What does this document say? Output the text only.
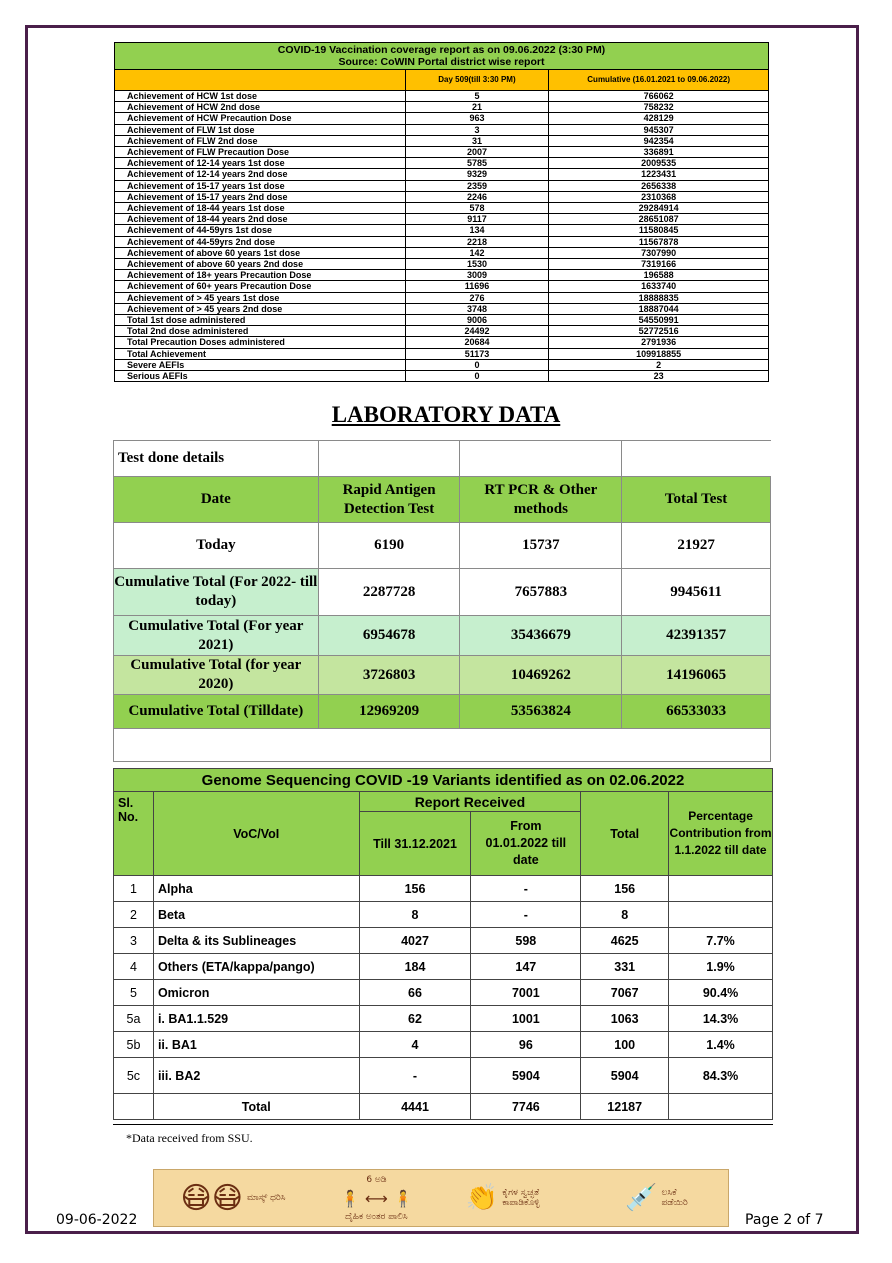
COVID-19 Vaccination coverage report as on 09.06.2022 (3:30 PM)
Source: CoWIN Portal district wise report		

	Day 509(till 3:30 PM)	Cumulative (16.01.2021 to 09.06.2022)
Achievement of HCW 1st dose	5	766062
Achievement of HCW 2nd dose	21	758232
Achievement of HCW Precaution Dose	963	428129
Achievement of FLW 1st dose	3	945307
Achievement of FLW 2nd dose	31	942354
Achievement of FLW Precaution Dose	2007	336891
Achievement of 12-14 years 1st dose	5785	2009535
Achievement of 12-14 years 2nd dose	9329	1223431
Achievement of 15-17 years 1st dose	2359	2656338
Achievement of 15-17 years 2nd dose	2246	2310368
Achievement of 18-44 years 1st dose	578	29284914
Achievement of 18-44 years 2nd dose	9117	28651087
Achievement of 44-59yrs 1st dose	134	11580845
Achievement of 44-59yrs 2nd dose	2218	11567878
Achievement of above 60 years 1st dose	142	7307990
Achievement of above 60 years 2nd dose	1530	7319166
Achievement of 18+ years Precaution Dose	3009	196588
Achievement of 60+ years Precaution Dose	11696	1633740
Achievement of > 45 years 1st dose	276	18888835
Achievement of > 45 years 2nd dose	3748	18887044
Total 1st dose administered	9006	54550991
Total 2nd dose administered	24492	52772516
Total Precaution Doses administered	20684	2791936
Total Achievement	51173	109918855
Severe AEFIs	0	2
Serious AEFIs	0	23
LABORATORY DATA
Test done details			
Date	Rapid Antigen Detection Test	RT PCR & Other methods	Total Test
Today	6190	15737	21927
Cumulative Total (For 2022- till today)	2287728	7657883	9945611
Cumulative Total (For year 2021)	6954678	35436679	42391357
Cumulative Total (for year 2020)	3726803	10469262	14196065
Cumulative Total (Tilldate)	12969209	53563824	66533033

Genome Sequencing COVID -19 Variants identified as on 02.06.2022					
Sl. No.	VoC/VoI	Report Received		Total	Percentage Contribution from 1.1.2022 till date
		Till 31.12.2021	From 01.01.2022 till date		
1	Alpha	156	-	156	
2	Beta	8	-	8	
3	Delta & its Sublineages	4027	598	4625	7.7%
4	Others (ETA/kappa/pango)	184	147	331	1.9%
5	Omicron	66	7001	7067	90.4%
5a	i. BA1.1.529	62	1001	1063	14.3%
5b	ii. BA1	4	96	100	1.4%
5c	iii. BA2	-	5904	5904	84.3%
	Total	4441	7746	12187	
*Data received from SSU.
😷😷 ಮಾಸ್ಕ್ ಧರಿಸಿ
6 ಅಡಿ
🧍 ⟷ 🧍
ದೈಹಿಕ ಅಂತರ ಪಾಲಿಸಿ
👏 ಕೈಗಳ ಸ್ವಚ್ಛತೆ ಕಾಪಾಡಿಕೊಳ್ಳಿ	💉 ಲಸಿಕೆ ಪಡೆಯಿರಿ
09-06-2022	Page 2 of 7
